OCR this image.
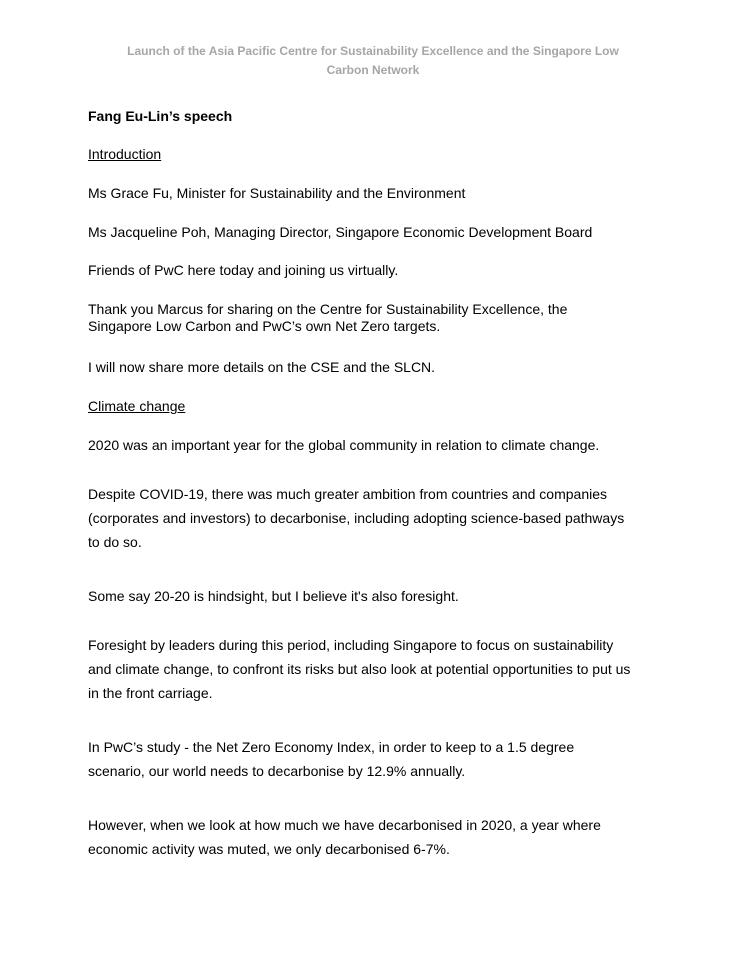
Launch of the Asia Pacific Centre for Sustainability Excellence and the Singapore Low
Carbon Network
Fang Eu-Lin’s speech
Introduction
Ms Grace Fu, Minister for Sustainability and the Environment
Ms Jacqueline Poh, Managing Director, Singapore Economic Development Board
Friends of PwC here today and joining us virtually.
Thank you Marcus for sharing on the Centre for Sustainability Excellence, the
Singapore Low Carbon and PwC’s own Net Zero targets.
I will now share more details on the CSE and the SLCN.
Climate change
2020 was an important year for the global community in relation to climate change.
Despite COVID-19, there was much greater ambition from countries and companies
(corporates and investors) to decarbonise, including adopting science-based pathways
to do so.
Some say 20-20 is hindsight, but I believe it's also foresight.
Foresight by leaders during this period, including Singapore to focus on sustainability
and climate change, to confront its risks but also look at potential opportunities to put us
in the front carriage.
In PwC’s study - the Net Zero Economy Index, in order to keep to a 1.5 degree
scenario, our world needs to decarbonise by 12.9% annually.
However, when we look at how much we have decarbonised in 2020, a year where
economic activity was muted, we only decarbonised 6-7%.
